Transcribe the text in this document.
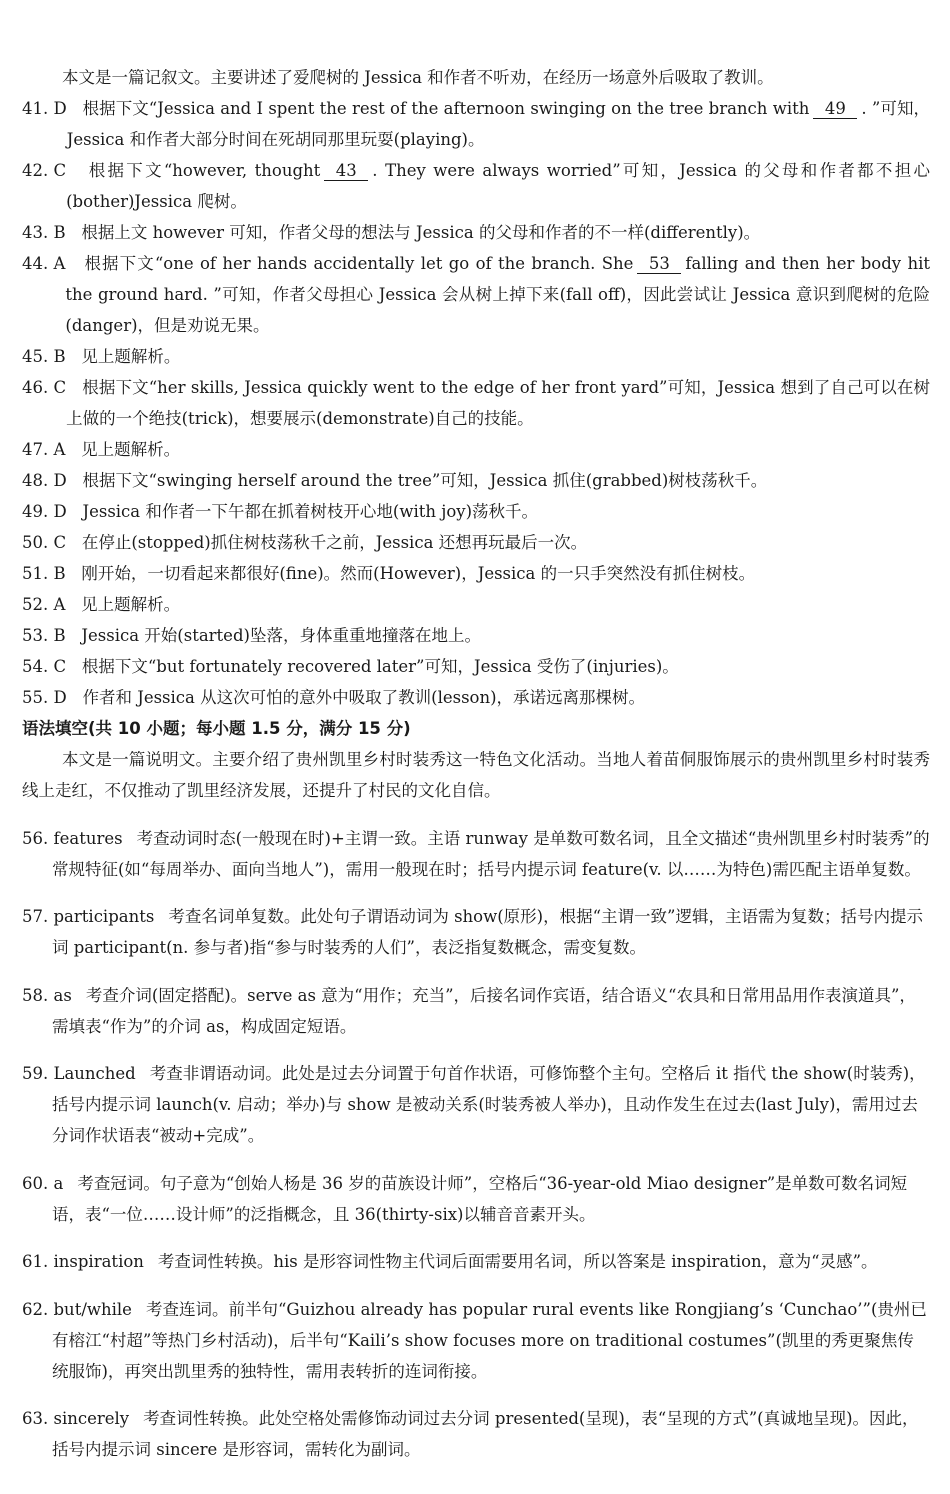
本文是一篇记叙文。主要讲述了爱爬树的 Jessica 和作者不听劝，在经历一场意外后吸取了教训。

41. D 根据下文“Jessica and I spent the rest of the afternoon swinging on the tree branch with 49 . ”可知，Jessica 和作者大部分时间在死胡同那里玩耍(playing)。
42. C	根据下文“however, thought 43 . They were always worried”可知，Jessica 的父母和作者都不担心(bother)Jessica 爬树。
43. B 根据上文 however 可知，作者父母的想法与 Jessica 的父母和作者的不一样(differently)。
44. A	根据下文“one of her hands accidentally let go of the branch. She 53 falling and then her body hit the ground hard. ”可知，作者父母担心 Jessica 会从树上掉下来(fall off)，因此尝试让 Jessica 意识到爬树的危险(danger)，但是劝说无果。
45. B 见上题解析。
46. C 根据下文“her skills, Jessica quickly went to the edge of her front yard”可知，Jessica 想到了自己可以在树上做的一个绝技(trick)，想要展示(demonstrate)自己的技能。
47. A 见上题解析。
48. D 根据下文“swinging herself around the tree”可知，Jessica 抓住(grabbed)树枝荡秋千。
49. D Jessica 和作者一下午都在抓着树枝开心地(with joy)荡秋千。
50. C 在停止(stopped)抓住树枝荡秋千之前，Jessica 还想再玩最后一次。
51. B 刚开始，一切看起来都很好(fine)。然而(However)，Jessica 的一只手突然没有抓住树枝。
52. A 见上题解析。
53. B Jessica 开始(started)坠落，身体重重地撞落在地上。
54. C 根据下文“but fortunately recovered later”可知，Jessica 受伤了(injuries)。
55. D 作者和 Jessica 从这次可怕的意外中吸取了教训(lesson)，承诺远离那棵树。

语法填空(共 10 小题；每小题 1.5 分，满分 15 分)

本文是一篇说明文。主要介绍了贵州凯里乡村时装秀这一特色文化活动。当地人着苗侗服饰展示的贵州凯里乡村时装秀线上走红，不仅推动了凯里经济发展，还提升了村民的文化自信。

56. features 考查动词时态(一般现在时)+主谓一致。主语 runway 是单数可数名词，且全文描述“贵州凯里乡村时装秀”的常规特征(如“每周举办、面向当地人”)，需用一般现在时；括号内提示词 feature(v. 以……为特色)需匹配主语单复数。

57. participants 考查名词单复数。此处句子谓语动词为 show(原形)，根据“主谓一致”逻辑，主语需为复数；括号内提示词 participant(n. 参与者)指“参与时装秀的人们”，表泛指复数概念，需变复数。

58. as 考查介词(固定搭配)。serve as 意为“用作；充当”，后接名词作宾语，结合语义“农具和日常用品用作表演道具”，需填表“作为”的介词 as，构成固定短语。

59. Launched 考查非谓语动词。此处是过去分词置于句首作状语，可修饰整个主句。空格后 it 指代 the show(时装秀)，括号内提示词 launch(v. 启动；举办)与 show 是被动关系(时装秀被人举办)，且动作发生在过去(last July)，需用过去分词作状语表“被动+完成”。

60. a 考查冠词。句子意为“创始人杨是 36 岁的苗族设计师”，空格后“36-year-old Miao designer”是单数可数名词短语，表“一位……设计师”的泛指概念，且 36(thirty-six)以辅音音素开头。

61. inspiration 考查词性转换。his 是形容词性物主代词后面需要用名词，所以答案是 inspiration，意为“灵感”。

62. but/while 考查连词。前半句“Guizhou already has popular rural events like Rongjiang’s ‘Cunchao’”(贵州已有榕江“村超”等热门乡村活动)，后半句“Kaili’s show focuses more on traditional costumes”(凯里的秀更聚焦传统服饰)，再突出凯里秀的独特性，需用表转折的连词衔接。

63. sincerely 考查词性转换。此处空格处需修饰动词过去分词 presented(呈现)，表“呈现的方式”(真诚地呈现)。因此，括号内提示词 sincere 是形容词，需转化为副词。
